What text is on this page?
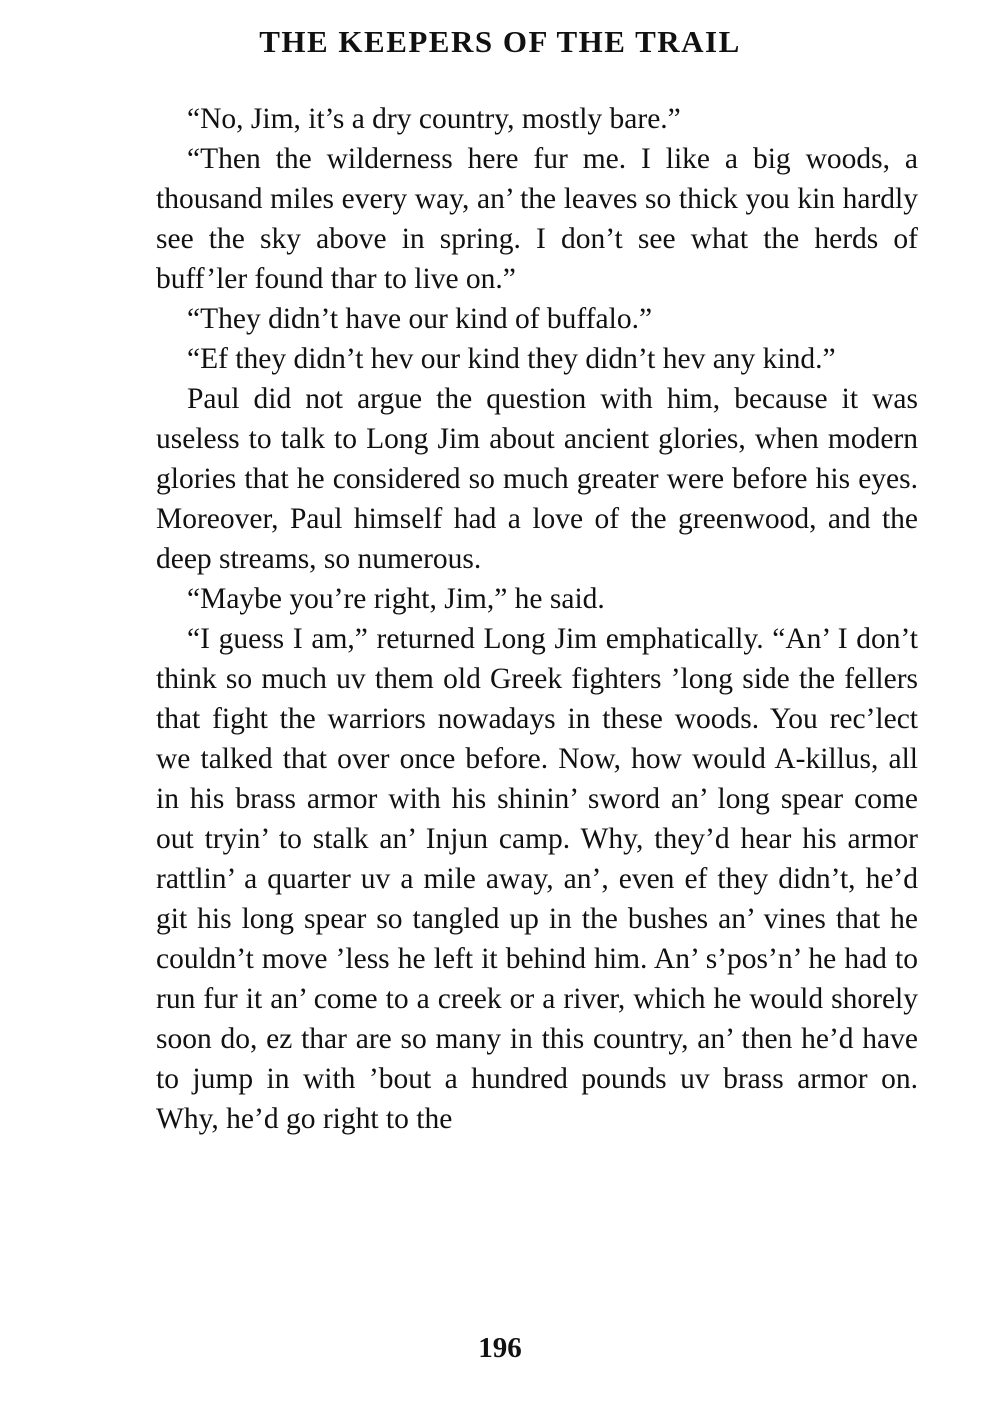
THE KEEPERS OF THE TRAIL

“No, Jim, it’s a dry country, mostly bare.”

“Then the wilderness here fur me. I like a big woods, a thousand miles every way, an’ the leaves so thick you kin hardly see the sky above in spring. I don’t see what the herds of buff’ler found thar to live on.”

“They didn’t have our kind of buffalo.”

“Ef they didn’t hev our kind they didn’t hev any kind.”

Paul did not argue the question with him, because it was useless to talk to Long Jim about ancient glories, when modern glories that he considered so much greater were before his eyes. Moreover, Paul himself had a love of the greenwood, and the deep streams, so numerous.

“Maybe you’re right, Jim,” he said.

“I guess I am,” returned Long Jim emphatically. “An’ I don’t think so much uv them old Greek fighters ’long side the fellers that fight the warriors nowadays in these woods. You rec’lect we talked that over once before. Now, how would A-killus, all in his brass armor with his shinin’ sword an’ long spear come out tryin’ to stalk an’ Injun camp. Why, they’d hear his armor rattlin’ a quarter uv a mile away, an’, even ef they didn’t, he’d git his long spear so tangled up in the bushes an’ vines that he couldn’t move ’less he left it behind him. An’ s’pos’n’ he had to run fur it an’ come to a creek or a river, which he would shorely soon do, ez thar are so many in this country, an’ then he’d have to jump in with ’bout a hundred pounds uv brass armor on. Why, he’d go right to the

196
